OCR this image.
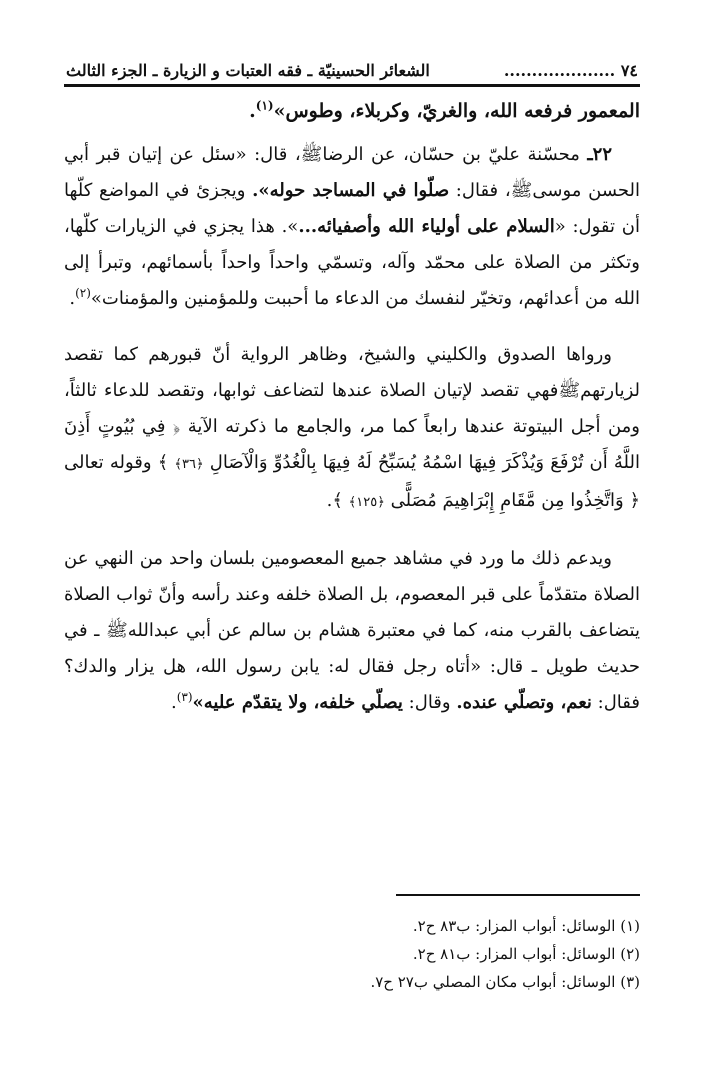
٧٤ ....................
الشعائر الحسينيّة ـ فقه العتبات و الزيارة ـ الجزء الثالث
المعمور فرفعه الله، والغريّ، وكربلاء، وطوس»$^{(١)}$.
٢٢ـ محسّنة عليّ بن حسّان، عن الرضاﷺ، قال: «سئل عن إتيان قبر أبي الحسن موسىﷺ، فقال: صلّوا في المساجد حوله». ويجزئ في المواضع كلّها أن تقول: «السلام على أولياء الله وأصفيائه...». هذا يجزي في الزيارات كلّها، وتكثر من الصلاة على محمّد وآله، وتسمّي واحداً واحداً بأسمائهم، وتبرأ إلى الله من أعدائهم، وتخيّر لنفسك من الدعاء ما أحببت وللمؤمنين والمؤمنات»$^{(٢)}$.
ورواها الصدوق والكليني والشيخ، وظاهر الرواية أنّ قبورهم كما تقصد لزيارتهمﷺفهي تقصد لإتيان الصلاة عندها لتضاعف ثوابها، وتقصد للدعاء ثالثاً، ومن أجل البيتوتة عندها رابعاً كما مر، والجامع ما ذكرته الآية ﴿ فِي بُيُوتٍ أَذِنَ اللَّهُ أَن تُرْفَعَ وَيُذْكَرَ فِيهَا اسْمُهُ يُسَبِّحُ لَهُ فِيهَا بِالْغُدُوِّ وَالْآصَالِ ﴿٣٦﴾ ﴾ وقوله تعالى ﴿ وَاتَّخِذُوا مِن مَّقَامِ إِبْرَاهِيمَ مُصَلًّى ﴿١٢٥﴾ ﴾.
ويدعم ذلك ما ورد في مشاهد جميع المعصومين بلسان واحد من النهي عن الصلاة متقدّماً على قبر المعصوم، بل الصلاة خلفه وعند رأسه وأنّ ثواب الصلاة يتضاعف بالقرب منه، كما في معتبرة هشام بن سالم عن أبي عبداللهﷺ ـ في حديث طويل ـ قال: «أتاه رجل فقال له: يابن رسول الله، هل يزار والدك؟ فقال: نعم، وتصلّي عنده. وقال: يصلّي خلفه، ولا يتقدّم عليه»$^{(٣)}$.
(١) الوسائل: أبواب المزار: ب٨٣ ح٢.
(٢) الوسائل: أبواب المزار: ب٨١ ح٢.
(٣) الوسائل: أبواب مكان المصلي ب٢٧ ح٧.
